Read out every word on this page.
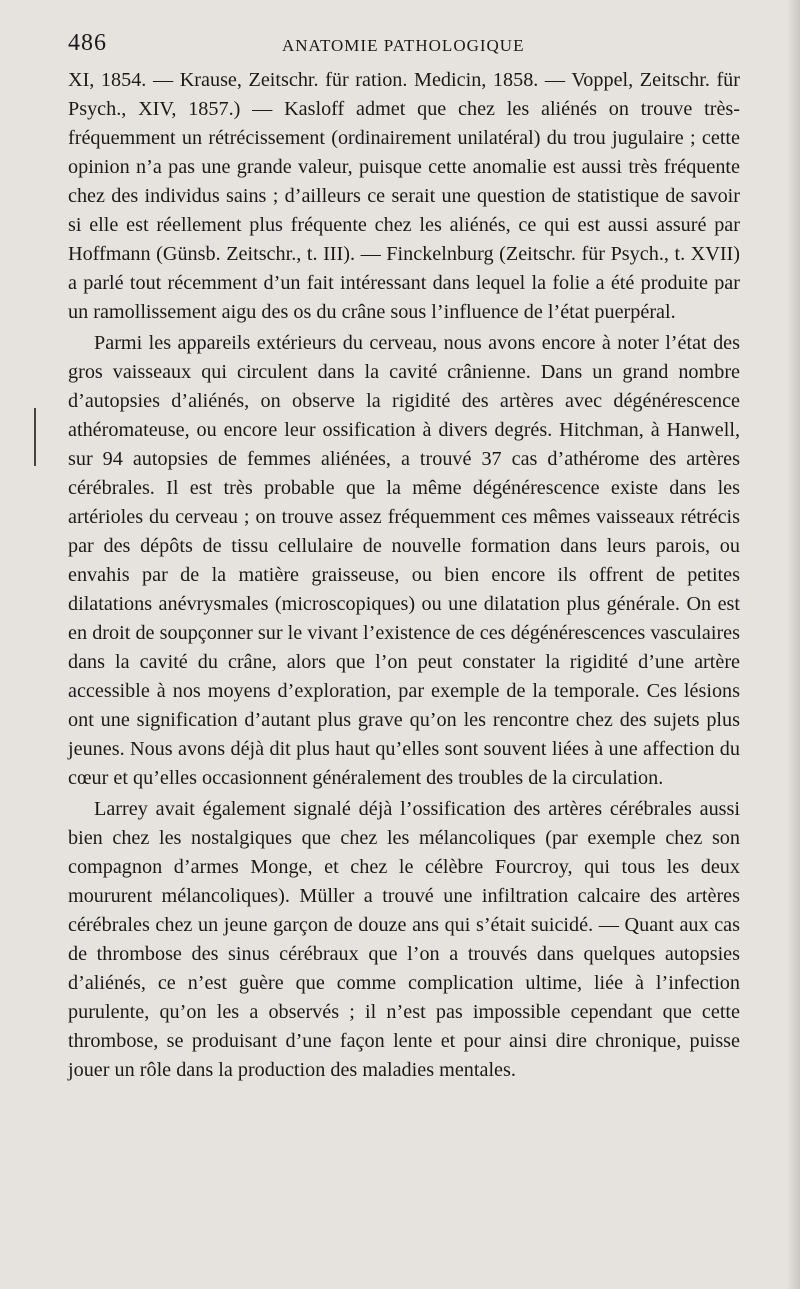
486	ANATOMIE PATHOLOGIQUE

XI, 1854. — Krause, Zeitschr. für ration. Medicin, 1858. — Voppel, Zeitschr. für Psych., XIV, 1857.) — Kasloff admet que chez les aliénés on trouve très-fréquemment un rétrécissement (ordinairement unilatéral) du trou jugulaire ; cette opinion n’a pas une grande valeur, puisque cette anomalie est aussi très fréquente chez des individus sains ; d’ailleurs ce serait une question de statistique de savoir si elle est réellement plus fréquente chez les aliénés, ce qui est aussi assuré par Hoffmann (Günsb. Zeitschr., t. III). — Finckelnburg (Zeitschr. für Psych., t. XVII) a parlé tout récemment d’un fait intéressant dans lequel la folie a été produite par un ramollissement aigu des os du crâne sous l’influence de l’état puerpéral.

Parmi les appareils extérieurs du cerveau, nous avons encore à noter l’état des gros vaisseaux qui circulent dans la cavité crânienne. Dans un grand nombre d’autopsies d’aliénés, on observe la rigidité des artères avec dégénérescence athéromateuse, ou encore leur ossification à divers degrés. Hitchman, à Hanwell, sur 94 autopsies de femmes aliénées, a trouvé 37 cas d’athérome des artères cérébrales. Il est très probable que la même dégénérescence existe dans les artérioles du cerveau ; on trouve assez fréquemment ces mêmes vaisseaux rétrécis par des dépôts de tissu cellulaire de nouvelle formation dans leurs parois, ou envahis par de la matière graisseuse, ou bien encore ils offrent de petites dilatations anévrysmales (microscopiques) ou une dilatation plus générale. On est en droit de soupçonner sur le vivant l’existence de ces dégénérescences vasculaires dans la cavité du crâne, alors que l’on peut constater la rigidité d’une artère accessible à nos moyens d’exploration, par exemple de la temporale. Ces lésions ont une signification d’autant plus grave qu’on les rencontre chez des sujets plus jeunes. Nous avons déjà dit plus haut qu’elles sont souvent liées à une affection du cœur et qu’elles occasionnent généralement des troubles de la circulation.

Larrey avait également signalé déjà l’ossification des artères cérébrales aussi bien chez les nostalgiques que chez les mélancoliques (par exemple chez son compagnon d’armes Monge, et chez le célèbre Fourcroy, qui tous les deux moururent mélancoliques). Müller a trouvé une infiltration calcaire des artères cérébrales chez un jeune garçon de douze ans qui s’était suicidé. — Quant aux cas de thrombose des sinus cérébraux que l’on a trouvés dans quelques autopsies d’aliénés, ce n’est guère que comme complication ultime, liée à l’infection purulente, qu’on les a observés ; il n’est pas impossible cependant que cette thrombose, se produisant d’une façon lente et pour ainsi dire chronique, puisse jouer un rôle dans la production des maladies mentales.
